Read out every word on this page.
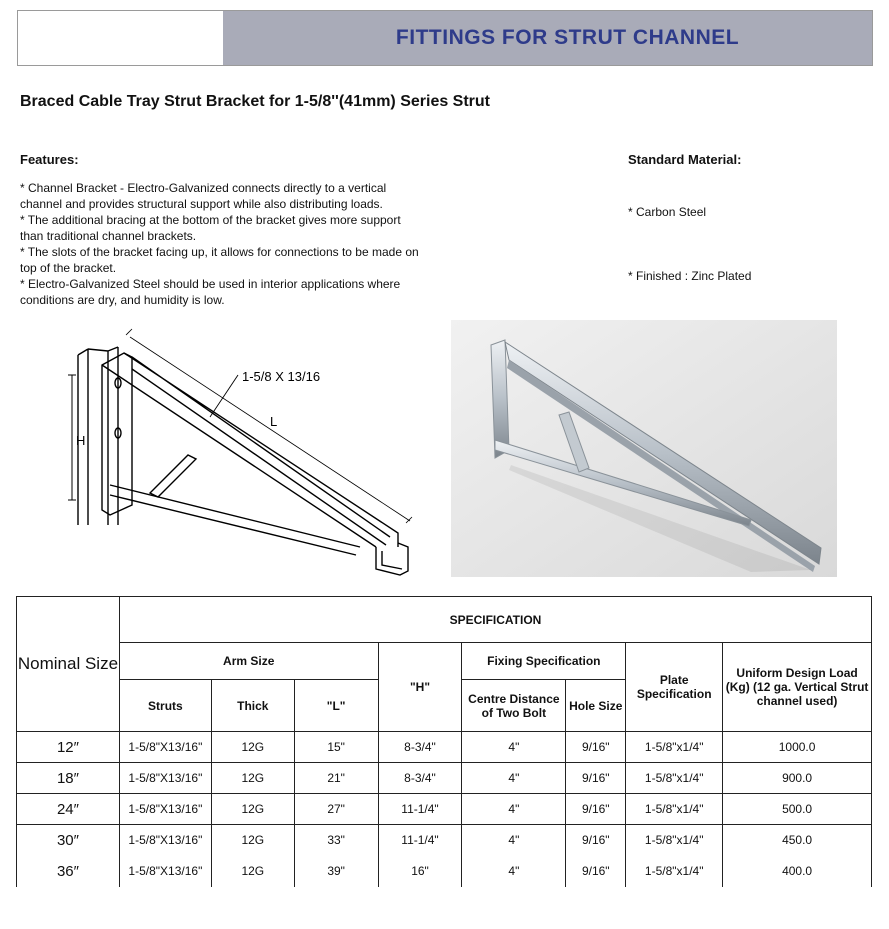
FITTINGS FOR STRUT CHANNEL
Braced Cable Tray Strut Bracket for 1-5/8''(41mm) Series Strut
Features:
* Channel Bracket - Electro-Galvanized connects directly to a vertical
channel and provides structural support while also distributing loads.
* The additional bracing at the bottom of the bracket gives more support
than traditional channel brackets.
* The slots of the bracket facing up, it allows for connections to be made on
top of the bracket.
* Electro-Galvanized Steel should be used in interior applications where
conditions are dry, and humidity is low.
Standard Material:
* Carbon Steel
* Finished : Zinc Plated
1-5/8 X 13/16
L
H
Nominal Size	SPECIFICATION							
	Arm Size			"H"	Fixing Specification		Plate Specification	Uniform Design Load (Kg) (12 ga. Vertical Strut channel used)
	Struts	Thick	"L"		Centre Distance of Two Bolt	Hole Size		
12″	1-5/8"X13/16"	12G	15"	8-3/4"	4"	9/16"	1-5/8"x1/4"	1000.0
18″	1-5/8"X13/16"	12G	21"	8-3/4"	4"	9/16"	1-5/8"x1/4"	900.0
24″	1-5/8"X13/16"	12G	27"	11-1/4"	4"	9/16"	1-5/8"x1/4"	500.0
30″	1-5/8"X13/16"	12G	33"	11-1/4"	4"	9/16"	1-5/8"x1/4"	450.0
36″	1-5/8"X13/16"	12G	39"	16"	4"	9/16"	1-5/8"x1/4"	400.0
